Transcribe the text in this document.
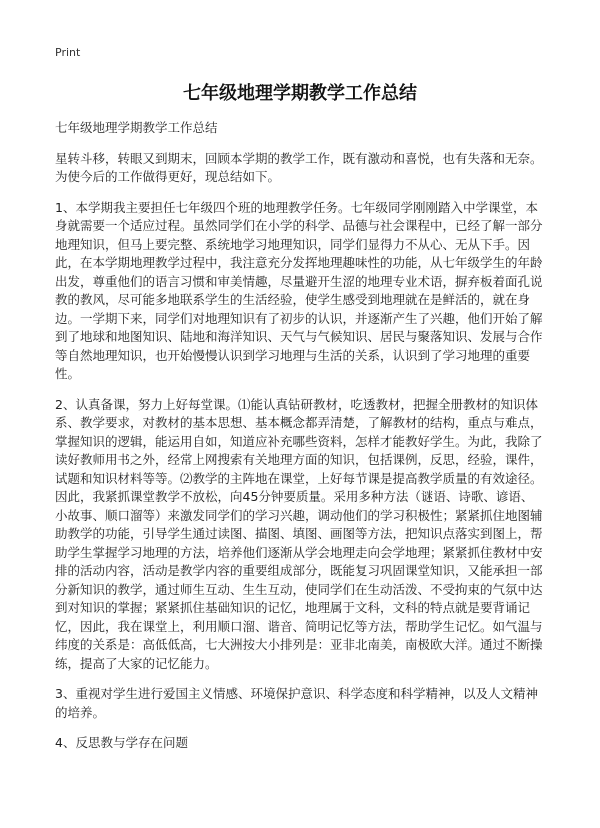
Print
七年级地理学期教学工作总结

七年级地理学期教学工作总结

星转斗移，转眼又到期末，回顾本学期的教学工作，既有激动和喜悦，也有失落和无奈。为使今后的工作做得更好，现总结如下。

1、本学期我主要担任七年级四个班的地理教学任务。七年级同学刚刚踏入中学课堂，本身就需要一个适应过程。虽然同学们在小学的科学、品德与社会课程中，已经了解一部分地理知识，但马上要完整、系统地学习地理知识，同学们显得力不从心、无从下手。因此，在本学期地理教学过程中，我注意充分发挥地理趣味性的功能，从七年级学生的年龄出发，尊重他们的语言习惯和审美情趣，尽量避开生涩的地理专业术语，摒弃板着面孔说教的教风，尽可能多地联系学生的生活经验，使学生感受到地理就在是鲜活的，就在身边。一学期下来，同学们对地理知识有了初步的认识，并逐渐产生了兴趣，他们开始了解到了地球和地图知识、陆地和海洋知识、天气与气候知识、居民与聚落知识、发展与合作等自然地理知识，也开始慢慢认识到学习地理与生活的关系，认识到了学习地理的重要性。

2、认真备课，努力上好每堂课。⑴能认真钻研教材，吃透教材，把握全册教材的知识体系、教学要求，对教材的基本思想、基本概念都弄清楚，了解教材的结构，重点与难点，掌握知识的逻辑，能运用自如，知道应补充哪些资料，怎样才能教好学生。为此，我除了读好教师用书之外，经常上网搜索有关地理方面的知识，包括课例，反思，经验，课件，试题和知识材料等等。⑵教学的主阵地在课堂，上好每节课是提高教学质量的有效途径。因此，我紧抓课堂教学不放松，向45分钟要质量。采用多种方法（谜语、诗歌、谚语、小故事、顺口溜等）来激发同学们的学习兴趣，调动他们的学习积极性；紧紧抓住地图辅助教学的功能，引导学生通过读图、描图、填图、画图等方法，把知识点落实到图上，帮助学生掌握学习地理的方法，培养他们逐渐从学会地理走向会学地理；紧紧抓住教材中安排的活动内容，活动是教学内容的重要组成部分，既能复习巩固课堂知识，又能承担一部分新知识的教学，通过师生互动、生生互动，使同学们在生动活泼、不受拘束的气氛中达到对知识的掌握；紧紧抓住基础知识的记忆，地理属于文科，文科的特点就是要背诵记忆，因此，我在课堂上，利用顺口溜、谐音、简明记忆等方法，帮助学生记忆。如气温与纬度的关系是：高低低高，七大洲按大小排列是：亚非北南美，南极欧大洋。通过不断操练，提高了大家的记忆能力。

3、重视对学生进行爱国主义情感、环境保护意识、科学态度和科学精神，以及人文精神的培养。

4、反思教与学存在问题
